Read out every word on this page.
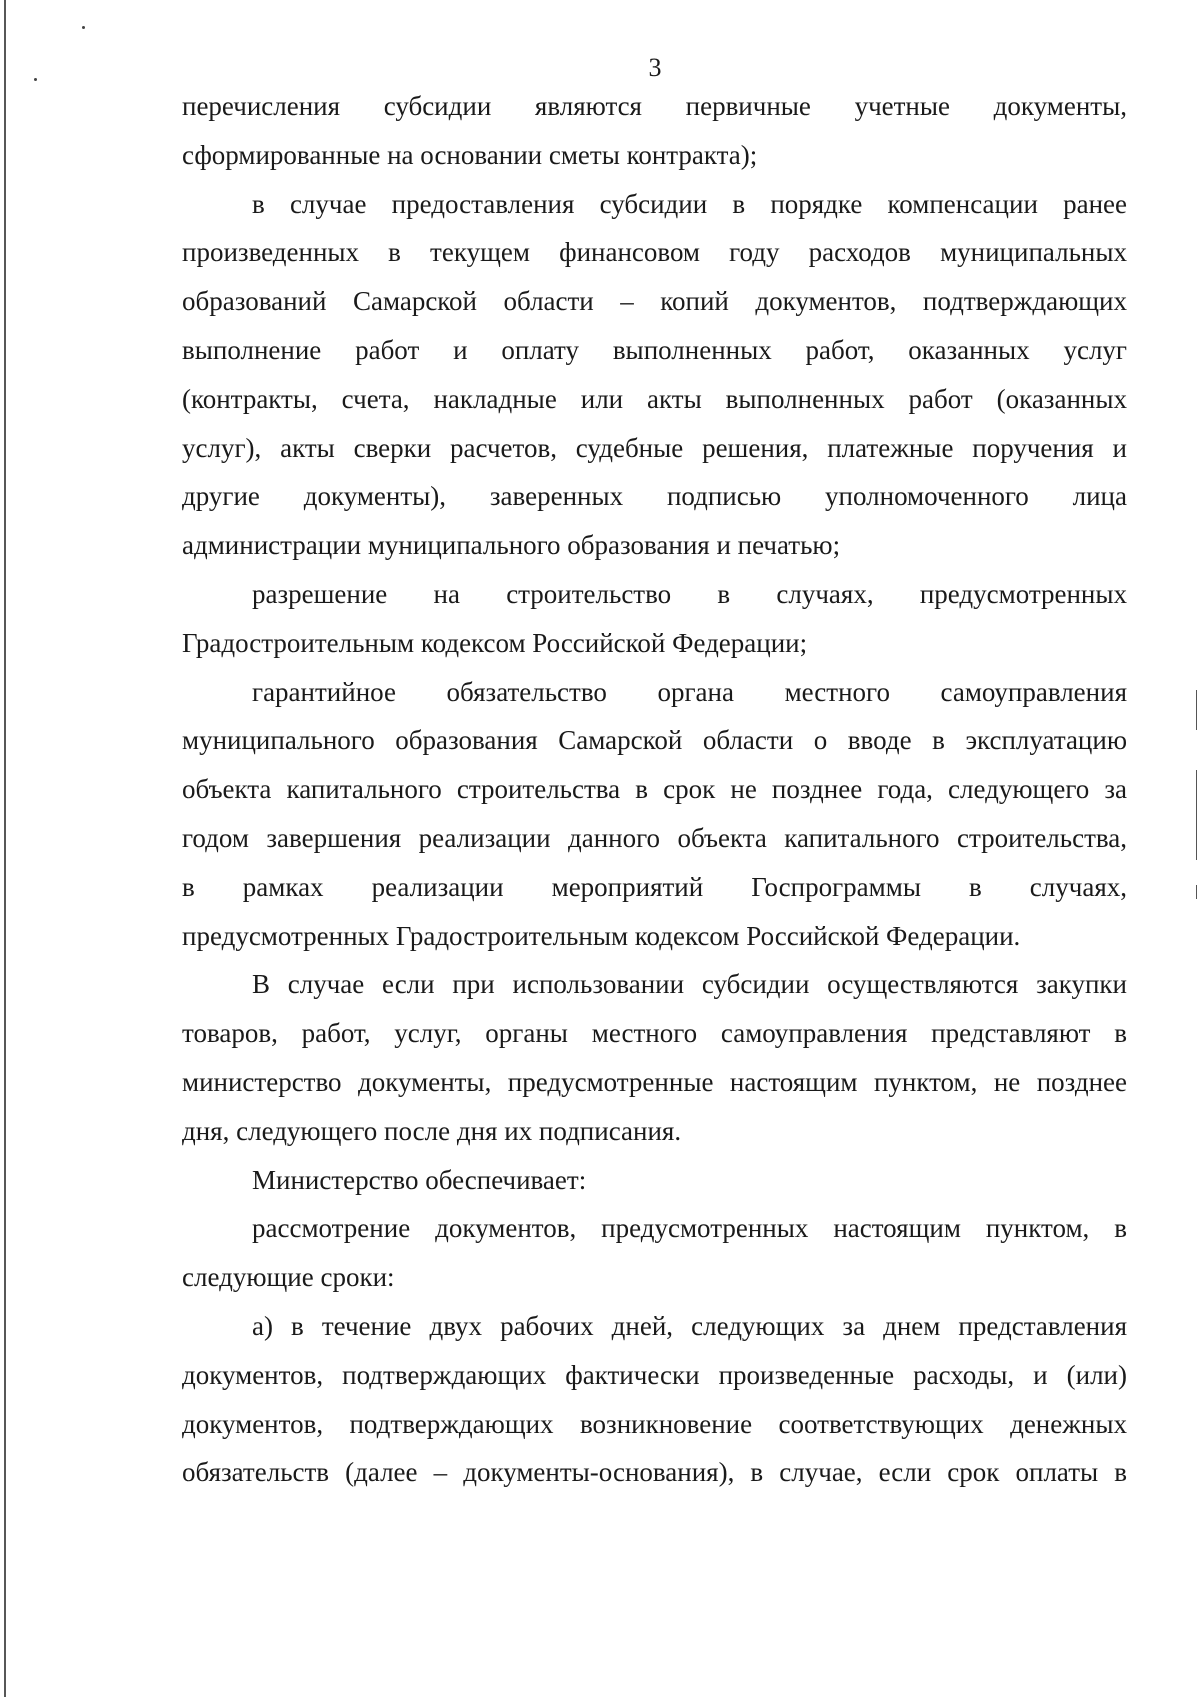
3
перечисления субсидии являются первичные учетные документы,
сформированные на основании сметы контракта);
в случае предоставления субсидии в порядке компенсации ранее
произведенных в текущем финансовом году расходов муниципальных
образований Самарской области – копий документов, подтверждающих
выполнение работ и оплату выполненных работ, оказанных услуг
(контракты, счета, накладные или акты выполненных работ (оказанных
услуг), акты сверки расчетов, судебные решения, платежные поручения и
другие документы), заверенных подписью уполномоченного лица
администрации муниципального образования и печатью;
разрешение на строительство в случаях, предусмотренных
Градостроительным кодексом Российской Федерации;
гарантийное обязательство органа местного самоуправления
муниципального образования Самарской области о вводе в эксплуатацию
объекта капитального строительства в срок не позднее года, следующего за
годом завершения реализации данного объекта капитального строительства,
в рамках реализации мероприятий Госпрограммы в случаях,
предусмотренных Градостроительным кодексом Российской Федерации.
В случае если при использовании субсидии осуществляются закупки
товаров, работ, услуг, органы местного самоуправления представляют в
министерство документы, предусмотренные настоящим пунктом, не позднее
дня, следующего после дня их подписания.
Министерство обеспечивает:
рассмотрение документов, предусмотренных настоящим пунктом, в
следующие сроки:
а) в течение двух рабочих дней, следующих за днем представления
документов, подтверждающих фактически произведенные расходы, и (или)
документов, подтверждающих возникновение соответствующих денежных
обязательств (далее – документы-основания), в случае, если срок оплаты в
